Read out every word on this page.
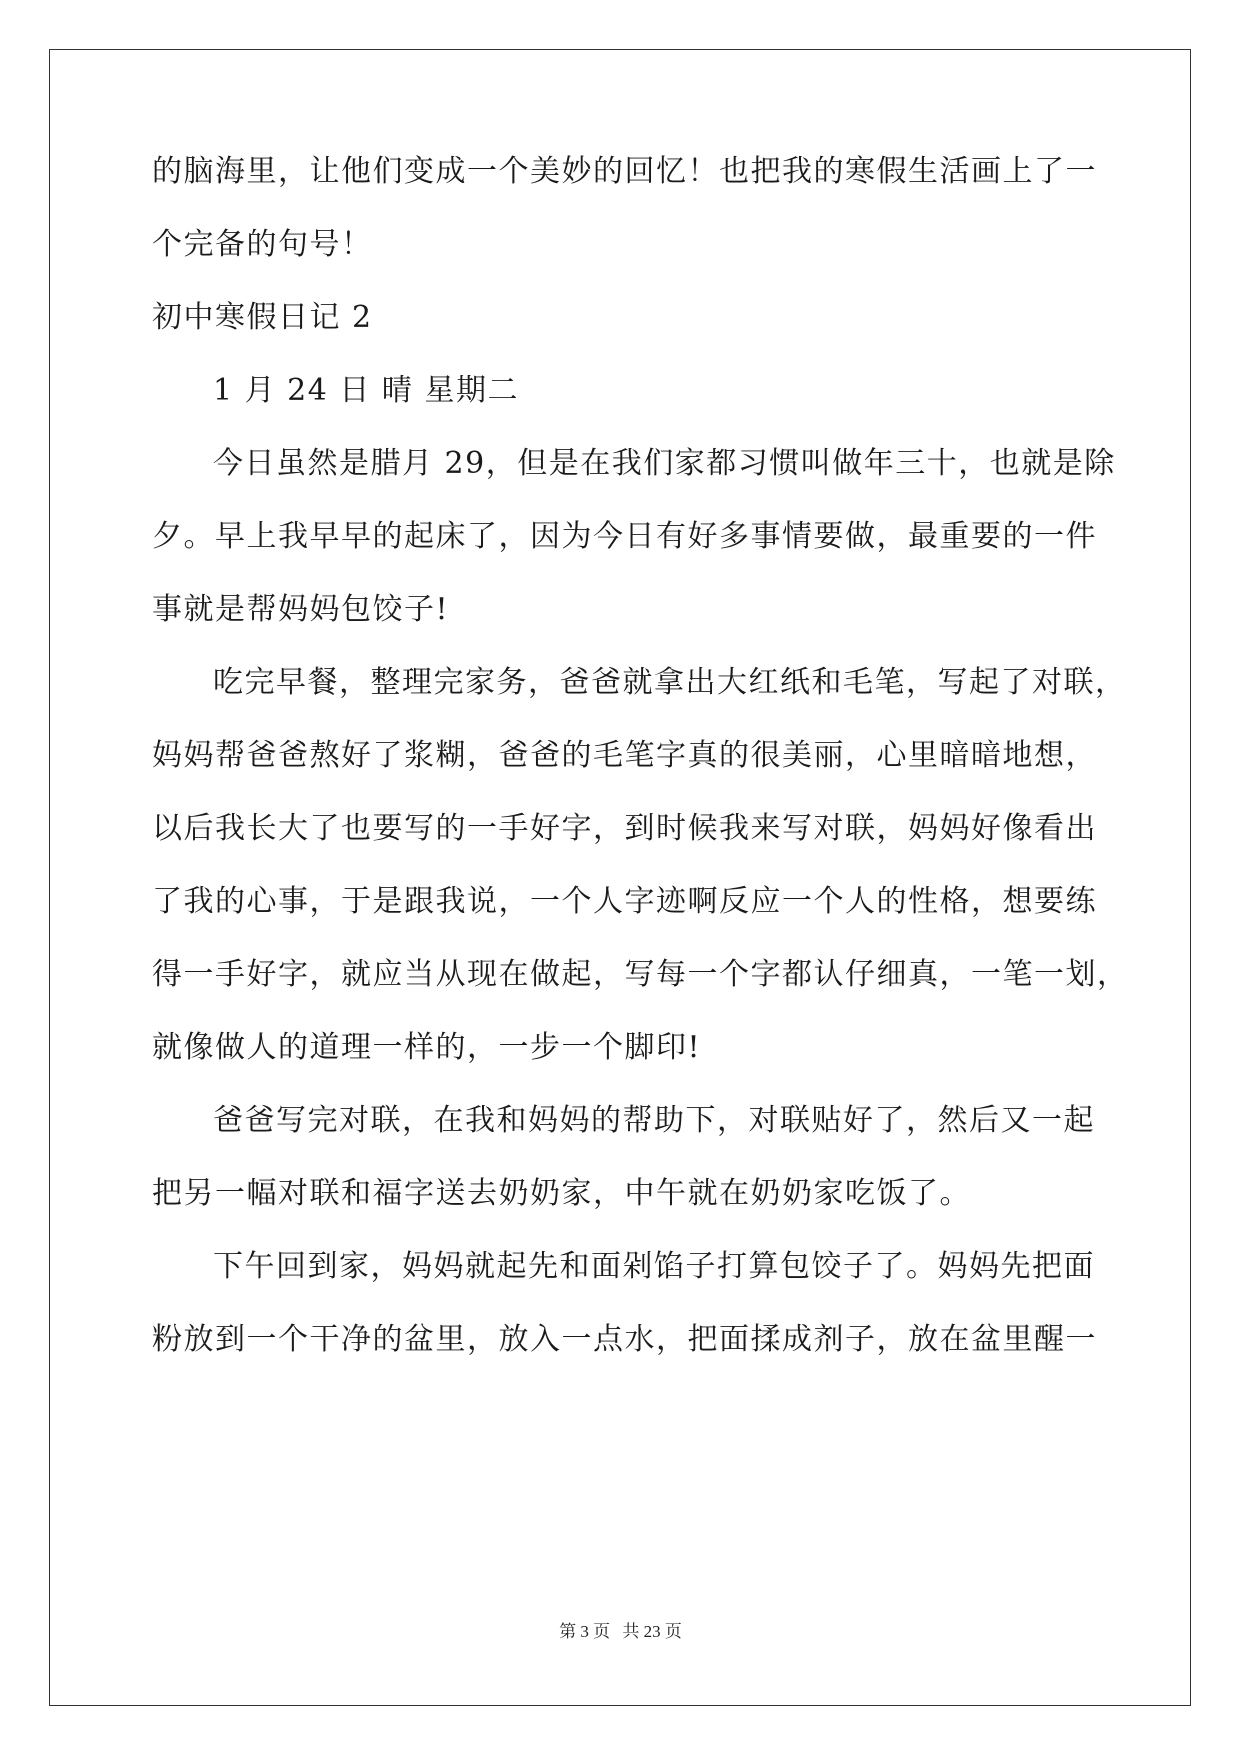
的脑海里，让他们变成一个美妙的回忆！也把我的寒假生活画上了一
个完备的句号！
初中寒假日记 2
1 月 24 日 晴 星期二
今日虽然是腊月 29，但是在我们家都习惯叫做年三十，也就是除
夕。早上我早早的起床了，因为今日有好多事情要做，最重要的一件
事就是帮妈妈包饺子!
吃完早餐，整理完家务，爸爸就拿出大红纸和毛笔，写起了对联，
妈妈帮爸爸熬好了浆糊，爸爸的毛笔字真的很美丽，心里暗暗地想，
以后我长大了也要写的一手好字，到时候我来写对联，妈妈好像看出
了我的心事，于是跟我说，一个人字迹啊反应一个人的性格，想要练
得一手好字，就应当从现在做起，写每一个字都认仔细真，一笔一划，
就像做人的道理一样的，一步一个脚印!
爸爸写完对联，在我和妈妈的帮助下，对联贴好了，然后又一起
把另一幅对联和福字送去奶奶家，中午就在奶奶家吃饭了。
下午回到家，妈妈就起先和面剁馅子打算包饺子了。妈妈先把面
粉放到一个干净的盆里，放入一点水，把面揉成剂子，放在盆里醒一
第 3 页 共 23 页
